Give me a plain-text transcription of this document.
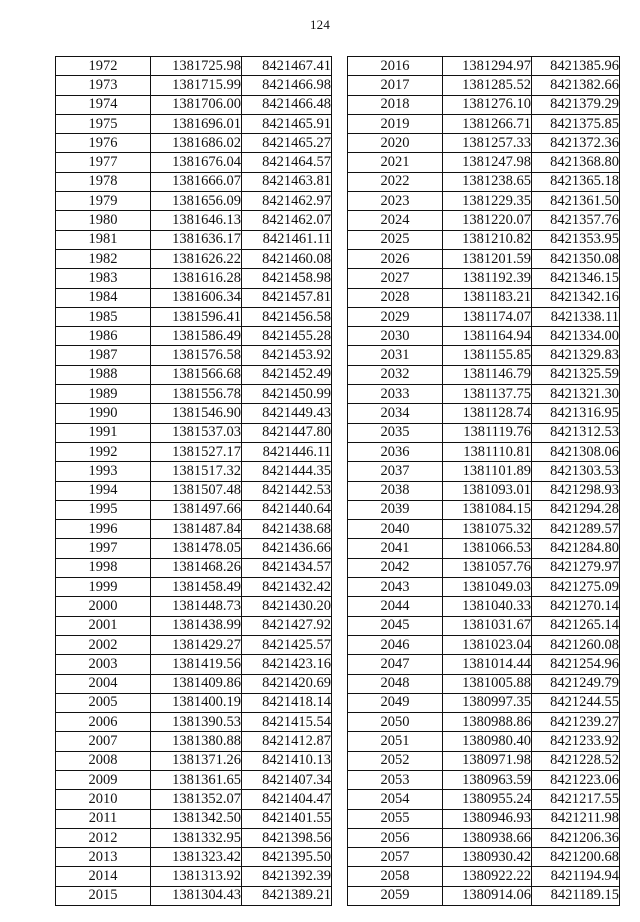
124
1972	1381725.98	8421467.41
1973	1381715.99	8421466.98
1974	1381706.00	8421466.48
1975	1381696.01	8421465.91
1976	1381686.02	8421465.27
1977	1381676.04	8421464.57
1978	1381666.07	8421463.81
1979	1381656.09	8421462.97
1980	1381646.13	8421462.07
1981	1381636.17	8421461.11
1982	1381626.22	8421460.08
1983	1381616.28	8421458.98
1984	1381606.34	8421457.81
1985	1381596.41	8421456.58
1986	1381586.49	8421455.28
1987	1381576.58	8421453.92
1988	1381566.68	8421452.49
1989	1381556.78	8421450.99
1990	1381546.90	8421449.43
1991	1381537.03	8421447.80
1992	1381527.17	8421446.11
1993	1381517.32	8421444.35
1994	1381507.48	8421442.53
1995	1381497.66	8421440.64
1996	1381487.84	8421438.68
1997	1381478.05	8421436.66
1998	1381468.26	8421434.57
1999	1381458.49	8421432.42
2000	1381448.73	8421430.20
2001	1381438.99	8421427.92
2002	1381429.27	8421425.57
2003	1381419.56	8421423.16
2004	1381409.86	8421420.69
2005	1381400.19	8421418.14
2006	1381390.53	8421415.54
2007	1381380.88	8421412.87
2008	1381371.26	8421410.13
2009	1381361.65	8421407.34
2010	1381352.07	8421404.47
2011	1381342.50	8421401.55
2012	1381332.95	8421398.56
2013	1381323.42	8421395.50
2014	1381313.92	8421392.39
2015	1381304.43	8421389.21
2016	1381294.97	8421385.96
2017	1381285.52	8421382.66
2018	1381276.10	8421379.29
2019	1381266.71	8421375.85
2020	1381257.33	8421372.36
2021	1381247.98	8421368.80
2022	1381238.65	8421365.18
2023	1381229.35	8421361.50
2024	1381220.07	8421357.76
2025	1381210.82	8421353.95
2026	1381201.59	8421350.08
2027	1381192.39	8421346.15
2028	1381183.21	8421342.16
2029	1381174.07	8421338.11
2030	1381164.94	8421334.00
2031	1381155.85	8421329.83
2032	1381146.79	8421325.59
2033	1381137.75	8421321.30
2034	1381128.74	8421316.95
2035	1381119.76	8421312.53
2036	1381110.81	8421308.06
2037	1381101.89	8421303.53
2038	1381093.01	8421298.93
2039	1381084.15	8421294.28
2040	1381075.32	8421289.57
2041	1381066.53	8421284.80
2042	1381057.76	8421279.97
2043	1381049.03	8421275.09
2044	1381040.33	8421270.14
2045	1381031.67	8421265.14
2046	1381023.04	8421260.08
2047	1381014.44	8421254.96
2048	1381005.88	8421249.79
2049	1380997.35	8421244.55
2050	1380988.86	8421239.27
2051	1380980.40	8421233.92
2052	1380971.98	8421228.52
2053	1380963.59	8421223.06
2054	1380955.24	8421217.55
2055	1380946.93	8421211.98
2056	1380938.66	8421206.36
2057	1380930.42	8421200.68
2058	1380922.22	8421194.94
2059	1380914.06	8421189.15
